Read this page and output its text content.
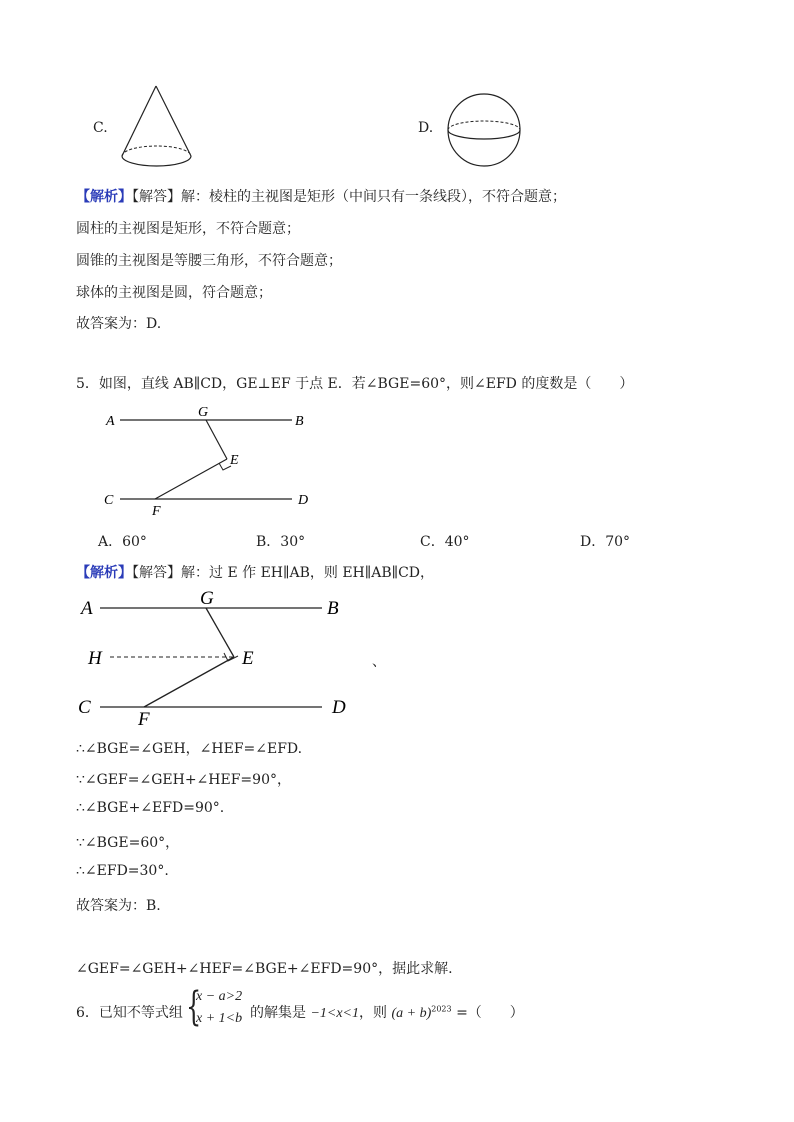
C.	D.
【解析】【解答】解：棱柱的主视图是矩形（中间只有一条线段），不符合题意；
圆柱的主视图是矩形，不符合题意；
圆锥的主视图是等腰三角形，不符合题意；
球体的主视图是圆，符合题意；
故答案为：D.
5．如图，直线 AB∥CD，GE⊥EF 于点 E．若∠BGE=60°，则∠EFD 的度数是（　　）
A
G
B
E
C
F
D
A．60°	B．30°	C．40°	D．70°
【解析】【解答】解：过 E 作 EH∥AB，则 EH∥AB∥CD，
A	G	B
H	E
C
F
D
、
∴∠BGE=∠GEH，∠HEF=∠EFD.
∵∠GEF=∠GEH+∠HEF=90°，
∴∠BGE+∠EFD=90°.
∵∠BGE=60°，
∴∠EFD=30°.
故答案为：B.
∠GEF=∠GEH+∠HEF=∠BGE+∠EFD=90°，据此求解.
6．已知不等式组 {
x − a>2
x + 1<b 的解集是 −1<x<1，则 $(a + b)^{2023}$ =（　　）
